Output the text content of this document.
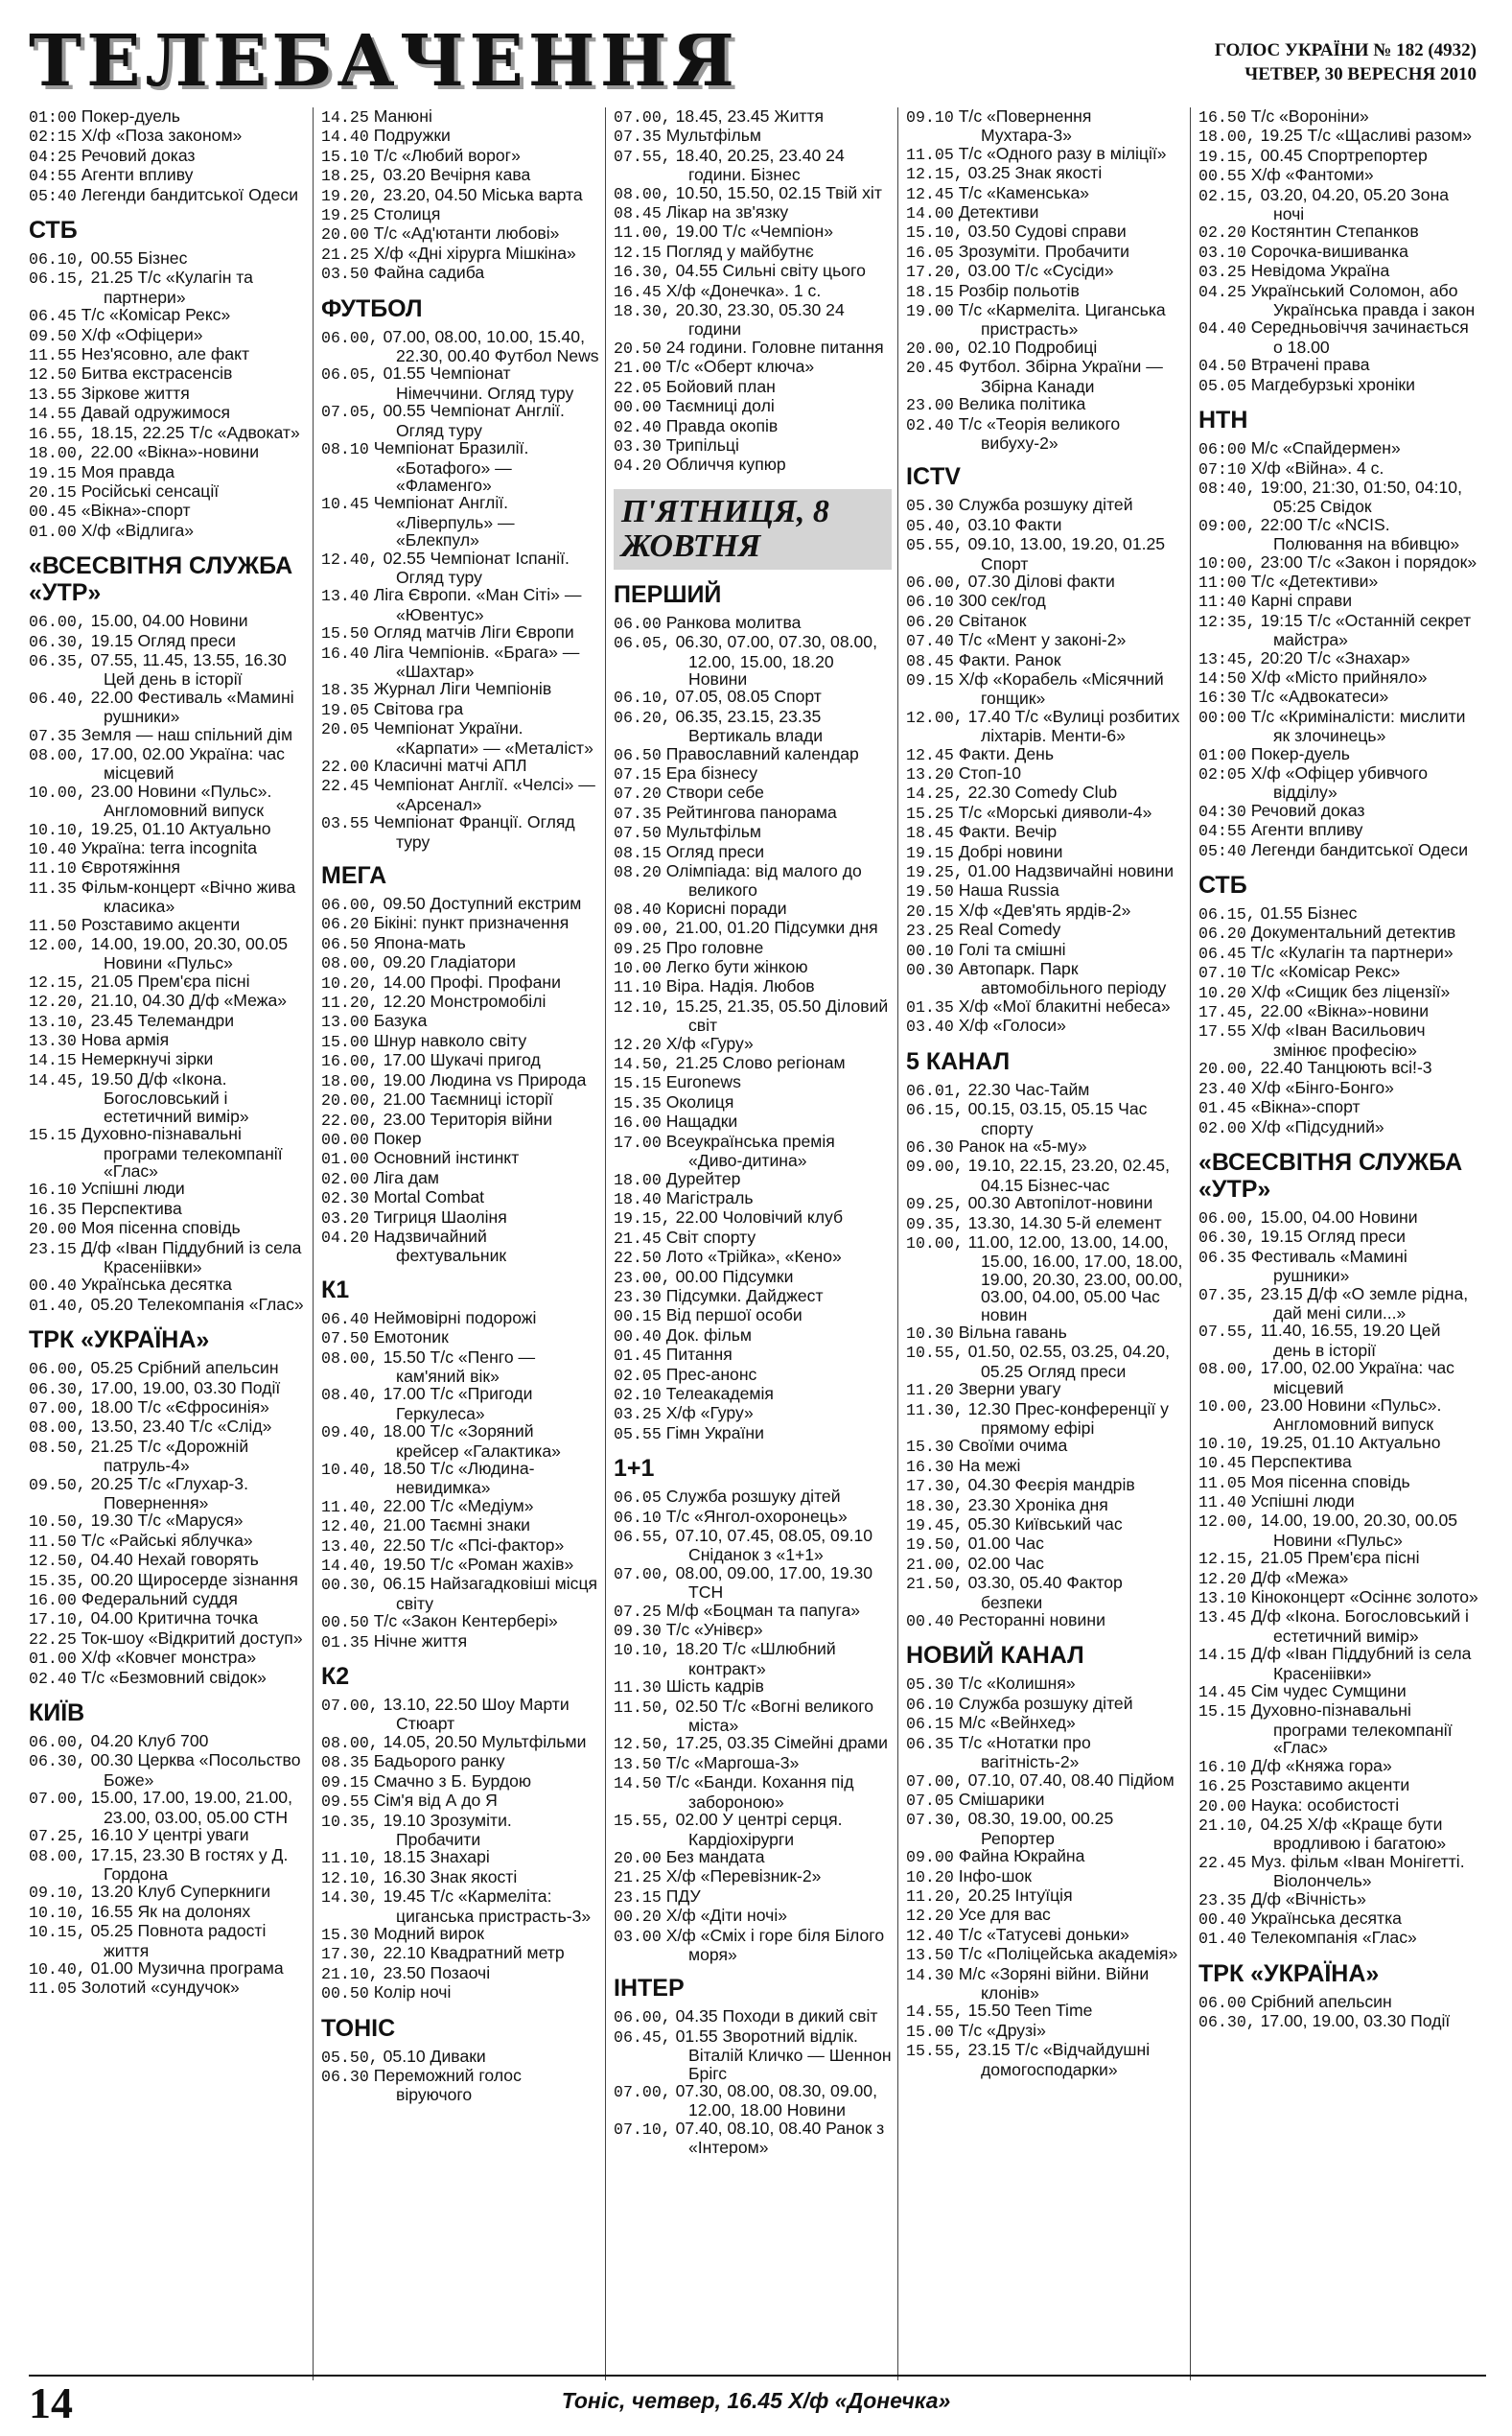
ТЕЛЕБАЧЕННЯ	ГОЛОС УКРАЇНИ № 182 (4932)
ЧЕТВЕР, 30 ВЕРЕСНЯ 2010
01:00 Покер-дуель
02:15 Х/ф «Поза законом»
04:25 Речовий доказ
04:55 Агенти впливу
05:40 Легенди бандитської Одеси
СТБ
06.10, 00.55 Бізнес
06.15, 21.25 Т/с «Кулагін та партнери»
06.45 Т/с «Комісар Рекс»
09.50 Х/ф «Офіцери»
11.55 Нез'ясовно, але факт
12.50 Битва екстрасенсів
13.55 Зіркове життя
14.55 Давай одружимося
16.55, 18.15, 22.25 Т/с «Адвокат»
18.00, 22.00 «Вікна»-новини
19.15 Моя правда
20.15 Російські сенсації
00.45 «Вікна»-спорт
01.00 Х/ф «Відлига»
«ВСЕСВІТНЯ СЛУЖБА «УТР»
06.00, 15.00, 04.00 Новини
06.30, 19.15 Огляд преси
06.35, 07.55, 11.45, 13.55, 16.30 Цей день в історії
06.40, 22.00 Фестиваль «Мамині рушники»
07.35 Земля — наш спільний дім
08.00, 17.00, 02.00 Україна: час місцевий
10.00, 23.00 Новини «Пульс». Англомовний випуск
10.10, 19.25, 01.10 Актуально
10.40 Україна: terra incognita
11.10 Євротяжіння
11.35 Фільм-концерт «Вічно жива класика»
11.50 Розставимо акценти
12.00, 14.00, 19.00, 20.30, 00.05 Новини «Пульс»
12.15, 21.05 Прем'єра пісні
12.20, 21.10, 04.30 Д/ф «Межа»
13.10, 23.45 Телемандри
13.30 Нова армія
14.15 Немеркнучі зірки
14.45, 19.50 Д/ф «Ікона. Богословський і естетичний вимір»
15.15 Духовно-пізнавальні програми телекомпанії «Глас»
16.10 Успішні люди
16.35 Перспектива
20.00 Моя пісенна сповідь
23.15 Д/ф «Іван Піддубний із села Красеніівки»
00.40 Українська десятка
01.40, 05.20 Телекомпанія «Глас»
ТРК «УКРАЇНА»
06.00, 05.25 Срібний апельсин
06.30, 17.00, 19.00, 03.30 Події
07.00, 18.00 Т/с «Єфросинія»
08.00, 13.50, 23.40 Т/с «Слід»
08.50, 21.25 Т/с «Дорожній патруль-4»
09.50, 20.25 Т/с «Глухар-3. Повернення»
10.50, 19.30 Т/с «Маруся»
11.50 Т/с «Райські яблучка»
12.50, 04.40 Нехай говорять
15.35, 00.20 Щиросерде зізнання
16.00 Федеральний суддя
17.10, 04.00 Критична точка
22.25 Ток-шоу «Відкритий доступ»
01.00 Х/ф «Ковчег монстра»
02.40 Т/с «Безмовний свідок»
КИЇВ
06.00, 04.20 Клуб 700
06.30, 00.30 Церква «Посольство Боже»
07.00, 15.00, 17.00, 19.00, 21.00, 23.00, 03.00, 05.00 СТН
07.25, 16.10 У центрі уваги
08.00, 17.15, 23.30 В гостях у Д. Гордона
09.10, 13.20 Клуб Суперкниги
10.10, 16.55 Як на долонях
10.15, 05.25 Повнота радості життя
10.40, 01.00 Музична програма
11.05 Золотий «сундучок»
14.25 Манюні
14.40 Подружки
15.10 Т/с «Любий ворог»
18.25, 03.20 Вечірня кава
19.20, 23.20, 04.50 Міська варта
19.25 Столиця
20.00 Т/с «Ад'ютанти любові»
21.25 Х/ф «Дні хірурга Мішкіна»
03.50 Файна садиба
ФУТБОЛ
06.00, 07.00, 08.00, 10.00, 15.40, 22.30, 00.40 Футбол News
06.05, 01.55 Чемпіонат Німеччини. Огляд туру
07.05, 00.55 Чемпіонат Англії. Огляд туру
08.10 Чемпіонат Бразилії. «Ботафого» — «Фламенго»
10.45 Чемпіонат Англії. «Ліверпуль» — «Блекпул»
12.40, 02.55 Чемпіонат Іспанії. Огляд туру
13.40 Ліга Європи. «Ман Сіті» — «Ювентус»
15.50 Огляд матчів Ліги Європи
16.40 Ліга Чемпіонів. «Брага» — «Шахтар»
18.35 Журнал Ліги Чемпіонів
19.05 Світова гра
20.05 Чемпіонат України. «Карпати» — «Металіст»
22.00 Класичні матчі АПЛ
22.45 Чемпіонат Англії. «Челсі» — «Арсенал»
03.55 Чемпіонат Франції. Огляд туру
МЕГА
06.00, 09.50 Доступний екстрим
06.20 Бікіні: пункт призначення
06.50 Япона-мать
08.00, 09.20 Гладіатори
10.20, 14.00 Профі. Профани
11.20, 12.20 Монстромобілі
13.00 Базука
15.00 Шнур навколо світу
16.00, 17.00 Шукачі пригод
18.00, 19.00 Людина vs Природа
20.00, 21.00 Таємниці історії
22.00, 23.00 Територія війни
00.00 Покер
01.00 Основний інстинкт
02.00 Ліга дам
02.30 Mortal Combat
03.20 Тигриця Шаоліня
04.20 Надзвичайний фехтувальник
К1
06.40 Неймовірні подорожі
07.50 Емотоник
08.00, 15.50 Т/с «Пенго — кам'яний вік»
08.40, 17.00 Т/с «Пригоди Геркулеса»
09.40, 18.00 Т/с «Зоряний крейсер «Галактика»
10.40, 18.50 Т/с «Людина-невидимка»
11.40, 22.00 Т/с «Медіум»
12.40, 21.00 Таємні знаки
13.40, 22.50 Т/с «Псі-фактор»
14.40, 19.50 Т/с «Роман жахів»
00.30, 06.15 Найзагадковіші місця світу
00.50 Т/с «Закон Кентербері»
01.35 Нічне життя
К2
07.00, 13.10, 22.50 Шоу Марти Стюарт
08.00, 14.05, 20.50 Мультфільми
08.35 Бадьорого ранку
09.15 Смачно з Б. Бурдою
09.55 Сім'я від А до Я
10.35, 19.10 Зрозуміти. Пробачити
11.10, 18.15 Знахарі
12.10, 16.30 Знак якості
14.30, 19.45 Т/с «Кармеліта: циганська пристрасть-3»
15.30 Модний вирок
17.30, 22.10 Квадратний метр
21.10, 23.50 Позаочі
00.50 Колір ночі
ТОНІС
05.50, 05.10 Диваки
06.30 Переможний голос віруючого
07.00, 18.45, 23.45 Життя
07.35 Мультфільм
07.55, 18.40, 20.25, 23.40 24 години. Бізнес
08.00, 10.50, 15.50, 02.15 Твій хіт
08.45 Лікар на зв'язку
11.00, 19.00 Т/с «Чемпіон»
12.15 Погляд у майбутнє
16.30, 04.55 Сильні світу цього
16.45 Х/ф «Донечка». 1 с.
18.30, 20.30, 23.30, 05.30 24 години
20.50 24 години. Головне питання
21.00 Т/с «Оберт ключа»
22.05 Бойовий план
00.00 Таємниці долі
02.40 Правда окопів
03.30 Трипільці
04.20 Обличчя купюр
П'ЯТНИЦЯ, 8 ЖОВТНЯ
ПЕРШИЙ
06.00 Ранкова молитва
06.05, 06.30, 07.00, 07.30, 08.00, 12.00, 15.00, 18.20 Новини
06.10, 07.05, 08.05 Спорт
06.20, 06.35, 23.15, 23.35 Вертикаль влади
06.50 Православний календар
07.15 Ера бізнесу
07.20 Створи себе
07.35 Рейтингова панорама
07.50 Мультфільм
08.15 Огляд преси
08.20 Олімпіада: від малого до великого
08.40 Корисні поради
09.00, 21.00, 01.20 Підсумки дня
09.25 Про головне
10.00 Легко бути жінкою
11.10 Віра. Надія. Любов
12.10, 15.25, 21.35, 05.50 Діловий світ
12.20 Х/ф «Гуру»
14.50, 21.25 Слово регіонам
15.15 Euronews
15.35 Околиця
16.00 Нащадки
17.00 Всеукраїнська премія «Диво-дитина»
18.00 Дурейтер
18.40 Магістраль
19.15, 22.00 Чоловічий клуб
21.45 Світ спорту
22.50 Лото «Трійка», «Кено»
23.00, 00.00 Підсумки
23.30 Підсумки. Дайджест
00.15 Від першої особи
00.40 Док. фільм
01.45 Питання
02.05 Прес-анонс
02.10 Телеакадемія
03.25 Х/ф «Гуру»
05.55 Гімн України
1+1
06.05 Служба розшуку дітей
06.10 Т/с «Янгол-охоронець»
06.55, 07.10, 07.45, 08.05, 09.10 Сніданок з «1+1»
07.00, 08.00, 09.00, 17.00, 19.30 ТСН
07.25 М/ф «Боцман та папуга»
09.30 Т/с «Унівєр»
10.10, 18.20 Т/с «Шлюбний контракт»
11.30 Шість кадрів
11.50, 02.50 Т/с «Вогні великого міста»
12.50, 17.25, 03.35 Сімейні драми
13.50 Т/с «Маргоша-3»
14.50 Т/с «Банди. Кохання під забороною»
15.55, 02.00 У центрі серця. Кардіохірурги
20.00 Без мандата
21.25 Х/ф «Перевізник-2»
23.15 ПДУ
00.20 Х/ф «Діти ночі»
03.00 Х/ф «Сміх і горе біля Білого моря»
ІНТЕР
06.00, 04.35 Походи в дикий світ
06.45, 01.55 Зворотний відлік. Віталій Кличко — Шеннон Брігс
07.00, 07.30, 08.00, 08.30, 09.00, 12.00, 18.00 Новини
07.10, 07.40, 08.10, 08.40 Ранок з «Інтером»
09.10 Т/с «Повернення Мухтара-3»
11.05 Т/с «Одного разу в міліції»
12.15, 03.25 Знак якості
12.45 Т/с «Каменська»
14.00 Детективи
15.10, 03.50 Судові справи
16.05 Зрозуміти. Пробачити
17.20, 03.00 Т/с «Сусіди»
18.15 Розбір польотів
19.00 Т/с «Кармеліта. Циганська пристрасть»
20.00, 02.10 Подробиці
20.45 Футбол. Збірна України — Збірна Канади
23.00 Велика політика
02.40 Т/с «Теорія великого вибуху-2»
ICTV
05.30 Служба розшуку дітей
05.40, 03.10 Факти
05.55, 09.10, 13.00, 19.20, 01.25 Спорт
06.00, 07.30 Ділові факти
06.10 300 сек/год
06.20 Світанок
07.40 Т/с «Мент у законі-2»
08.45 Факти. Ранок
09.15 Х/ф «Корабель «Місячний гонщик»
12.00, 17.40 Т/с «Вулиці розбитих ліхтарів. Менти-6»
12.45 Факти. День
13.20 Стоп-10
14.25, 22.30 Comedy Club
15.25 Т/с «Морські дияволи-4»
18.45 Факти. Вечір
19.15 Добрі новини
19.25, 01.00 Надзвичайні новини
19.50 Наша Russia
20.15 Х/ф «Дев'ять ярдів-2»
23.25 Real Comedy
00.10 Голі та смішні
00.30 Автопарк. Парк автомобільного періоду
01.35 Х/ф «Мої блакитні небеса»
03.40 Х/ф «Голоси»
5 КАНАЛ
06.01, 22.30 Час-Тайм
06.15, 00.15, 03.15, 05.15 Час спорту
06.30 Ранок на «5-му»
09.00, 19.10, 22.15, 23.20, 02.45, 04.15 Бізнес-час
09.25, 00.30 Автопілот-новини
09.35, 13.30, 14.30 5-й елемент
10.00, 11.00, 12.00, 13.00, 14.00, 15.00, 16.00, 17.00, 18.00, 19.00, 20.30, 23.00, 00.00, 03.00, 04.00, 05.00 Час новин
10.30 Вільна гавань
10.55, 01.50, 02.55, 03.25, 04.20, 05.25 Огляд преси
11.20 Зверни увагу
11.30, 12.30 Прес-конференції у прямому ефірі
15.30 Своїми очима
16.30 На межі
17.30, 04.30 Феєрія мандрів
18.30, 23.30 Хроніка дня
19.45, 05.30 Київський час
19.50, 01.00 Час
21.00, 02.00 Час
21.50, 03.30, 05.40 Фактор безпеки
00.40 Ресторанні новини
НОВИЙ КАНАЛ
05.30 Т/с «Колишня»
06.10 Служба розшуку дітей
06.15 М/с «Вейнхед»
06.35 Т/с «Нотатки про вагітність-2»
07.00, 07.10, 07.40, 08.40 Підйом
07.05 Смішарики
07.30, 08.30, 19.00, 00.25 Репортер
09.00 Файна Юкрайна
10.20 Інфо-шок
11.20, 20.25 Інтуїція
12.20 Усе для вас
12.40 Т/с «Татусеві доньки»
13.50 Т/с «Поліцейська академія»
14.30 М/с «Зоряні війни. Війни клонів»
14.55, 15.50 Teen Time
15.00 Т/с «Друзі»
15.55, 23.15 Т/с «Відчайдушні домогосподарки»
16.50 Т/с «Вороніни»
18.00, 19.25 Т/с «Щасливі разом»
19.15, 00.45 Спортрепортер
00.55 Х/ф «Фантоми»
02.15, 03.20, 04.20, 05.20 Зона ночі
02.20 Костянтин Степанков
03.10 Сорочка-вишиванка
03.25 Невідома Україна
04.25 Український Соломон, або Українська правда і закон
04.40 Середньовіччя зачинається о 18.00
04.50 Втрачені права
05.05 Магдебурзькі хроніки
НТН
06:00 М/с «Спайдермен»
07:10 Х/ф «Війна». 4 с.
08:40, 19:00, 21:30, 01:50, 04:10, 05:25 Свідок
09:00, 22:00 Т/с «NCIS. Полювання на вбивцю»
10:00, 23:00 Т/с «Закон і порядок»
11:00 Т/с «Детективи»
11:40 Карні справи
12:35, 19:15 Т/с «Останній секрет майстра»
13:45, 20:20 Т/с «Знахар»
14:50 Х/ф «Місто прийняло»
16:30 Т/с «Адвокатеси»
00:00 Т/с «Криміналісти: мислити як злочинець»
01:00 Покер-дуель
02:05 Х/ф «Офіцер убивчого відділу»
04:30 Речовий доказ
04:55 Агенти впливу
05:40 Легенди бандитської Одеси
СТБ
06.15, 01.55 Бізнес
06.20 Документальний детектив
06.45 Т/с «Кулагін та партнери»
07.10 Т/с «Комісар Рекс»
10.20 Х/ф «Сищик без ліцензії»
17.45, 22.00 «Вікна»-новини
17.55 Х/ф «Іван Васильович змінює професію»
20.00, 22.40 Танцюють всі!-3
23.40 Х/ф «Бінго-Бонго»
01.45 «Вікна»-спорт
02.00 Х/ф «Підсудний»
«ВСЕСВІТНЯ СЛУЖБА «УТР»
06.00, 15.00, 04.00 Новини
06.30, 19.15 Огляд преси
06.35 Фестиваль «Мамині рушники»
07.35, 23.15 Д/ф «О земле рідна, дай мені сили...»
07.55, 11.40, 16.55, 19.20 Цей день в історії
08.00, 17.00, 02.00 Україна: час місцевий
10.00, 23.00 Новини «Пульс». Англомовний випуск
10.10, 19.25, 01.10 Актуально
10.45 Перспектива
11.05 Моя пісенна сповідь
11.40 Успішні люди
12.00, 14.00, 19.00, 20.30, 00.05 Новини «Пульс»
12.15, 21.05 Прем'єра пісні
12.20 Д/ф «Межа»
13.10 Кіноконцерт «Осіннє золото»
13.45 Д/ф «Ікона. Богословський і естетичний вимір»
14.15 Д/ф «Іван Піддубний із села Красеніівки»
14.45 Сім чудес Сумщини
15.15 Духовно-пізнавальні програми телекомпанії «Глас»
16.10 Д/ф «Княжа гора»
16.25 Розставимо акценти
20.00 Наука: особистості
21.10, 04.25 Х/ф «Краще бути вродливою і багатою»
22.45 Муз. фільм «Іван Монігетті. Віолончель»
23.35 Д/ф «Вічність»
00.40 Українська десятка
01.40 Телекомпанія «Глас»
ТРК «УКРАЇНА»
06.00 Срібний апельсин
06.30, 17.00, 19.00, 03.30 Події
14	Тоніс, четвер, 16.45 Х/ф «Донечка»
